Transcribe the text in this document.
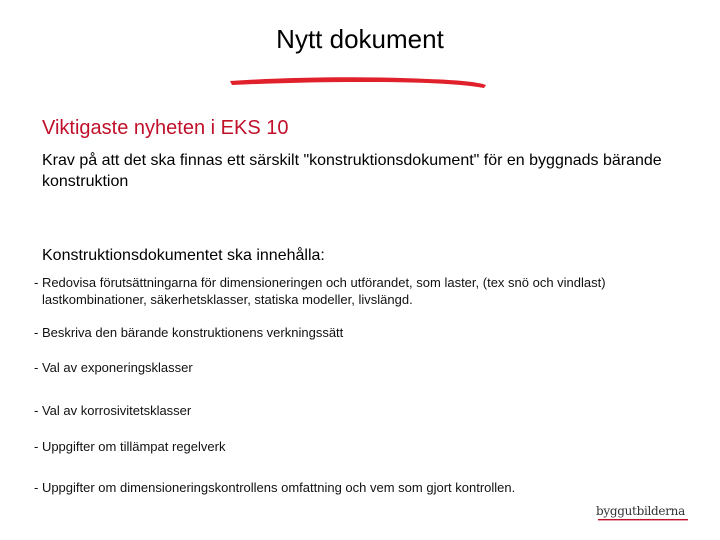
Nytt dokument
Viktigaste nyheten i EKS 10
Krav på att det ska finnas ett särskilt "konstruktionsdokument" för en byggnads bärande konstruktion
Konstruktionsdokumentet ska innehålla:
- Redovisa förutsättningarna för dimensioneringen och utförandet, som laster, (tex snö och vindlast)
lastkombinationer, säkerhetsklasser, statiska modeller, livslängd.
- Beskriva den bärande konstruktionens verkningssätt
- Val av exponeringsklasser
- Val av korrosivitetsklasser
- Uppgifter om tillämpat regelverk
- Uppgifter om dimensioneringskontrollens omfattning och vem som gjort kontrollen.
byggutbilderna
